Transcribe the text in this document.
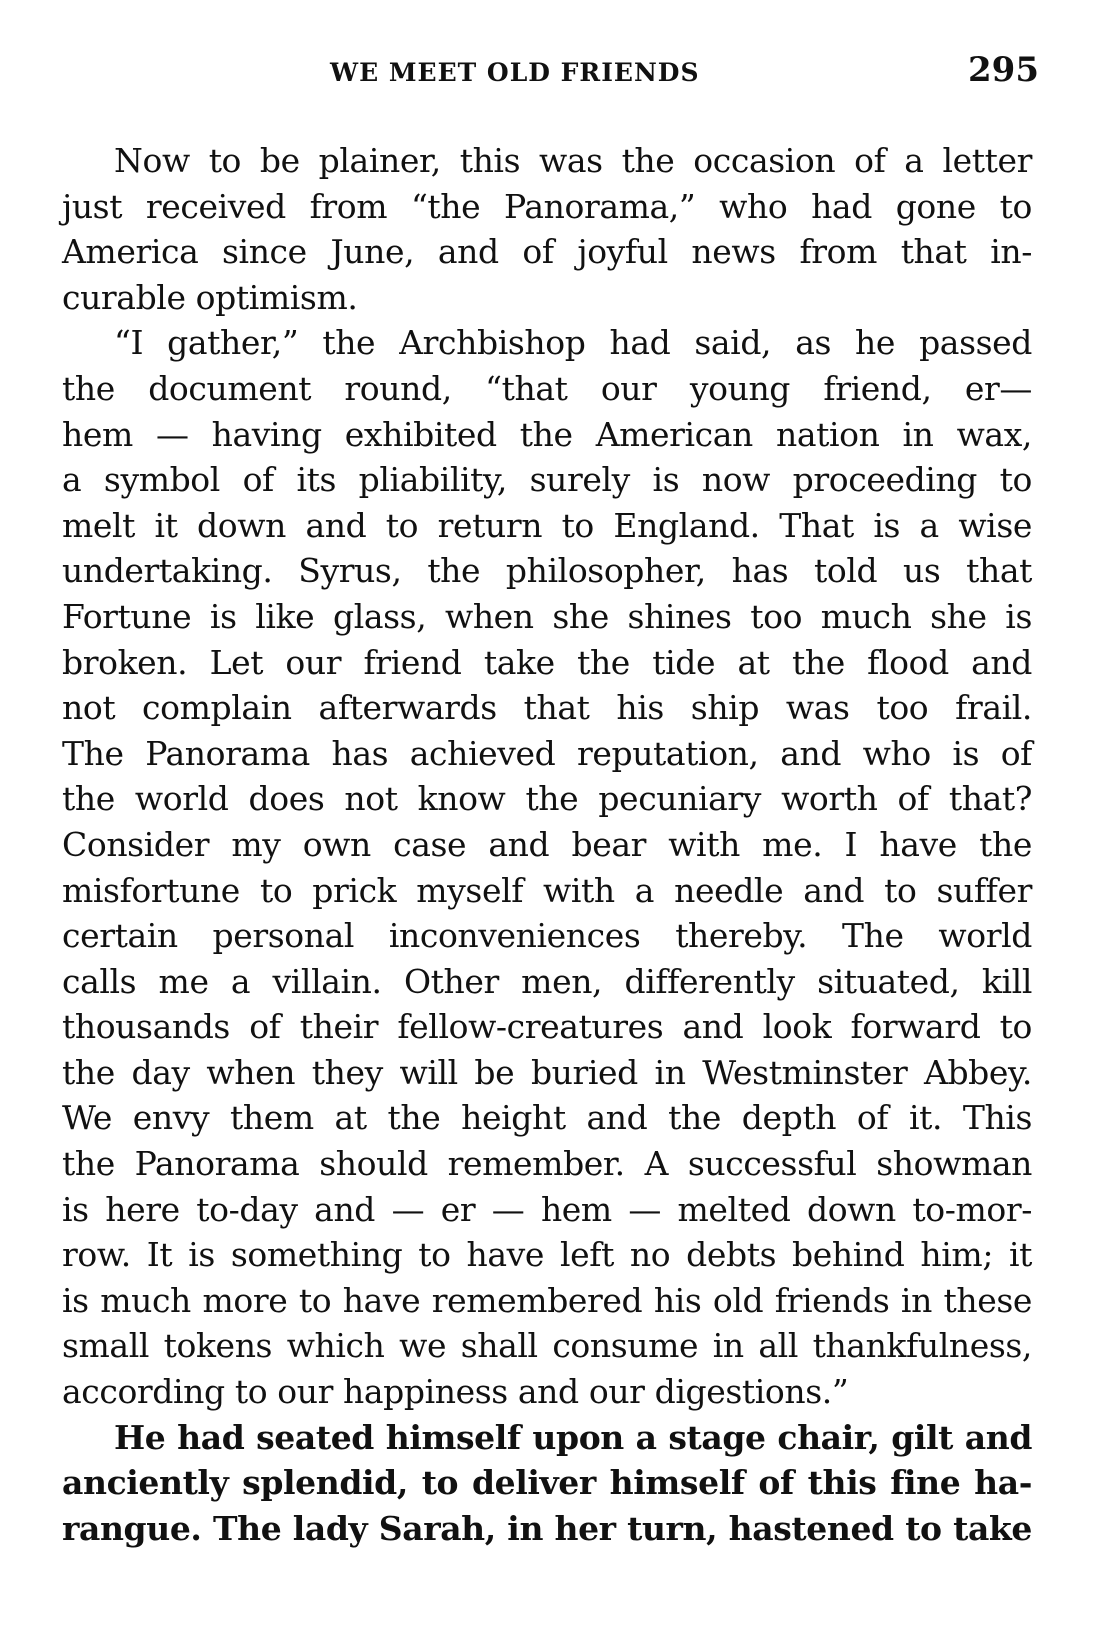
WE MEET OLD FRIENDS	295

Now to be plainer, this was the occasion of a letter
just received from “the Panorama,” who had gone to
America since June, and of joyful news from that in-
curable optimism.

“I gather,” the Archbishop had said, as he passed
the document round, “that our young friend, er—
hem — having exhibited the American nation in wax,
a symbol of its pliability, surely is now proceeding to
melt it down and to return to England. That is a wise
undertaking. Syrus, the philosopher, has told us that
Fortune is like glass, when she shines too much she is
broken. Let our friend take the tide at the flood and
not complain afterwards that his ship was too frail.
The Panorama has achieved reputation, and who is of
the world does not know the pecuniary worth of that?
Consider my own case and bear with me. I have the
misfortune to prick myself with a needle and to suffer
certain personal inconveniences thereby. The world
calls me a villain. Other men, differently situated, kill
thousands of their fellow-creatures and look forward to
the day when they will be buried in Westminster Abbey.
We envy them at the height and the depth of it. This
the Panorama should remember. A successful showman
is here to-day and — er — hem — melted down to-mor-
row. It is something to have left no debts behind him; it
is much more to have remembered his old friends in these
small tokens which we shall consume in all thankfulness,
according to our happiness and our digestions.”

He had seated himself upon a stage chair, gilt and
anciently splendid, to deliver himself of this fine ha-
rangue. The lady Sarah, in her turn, hastened to take
